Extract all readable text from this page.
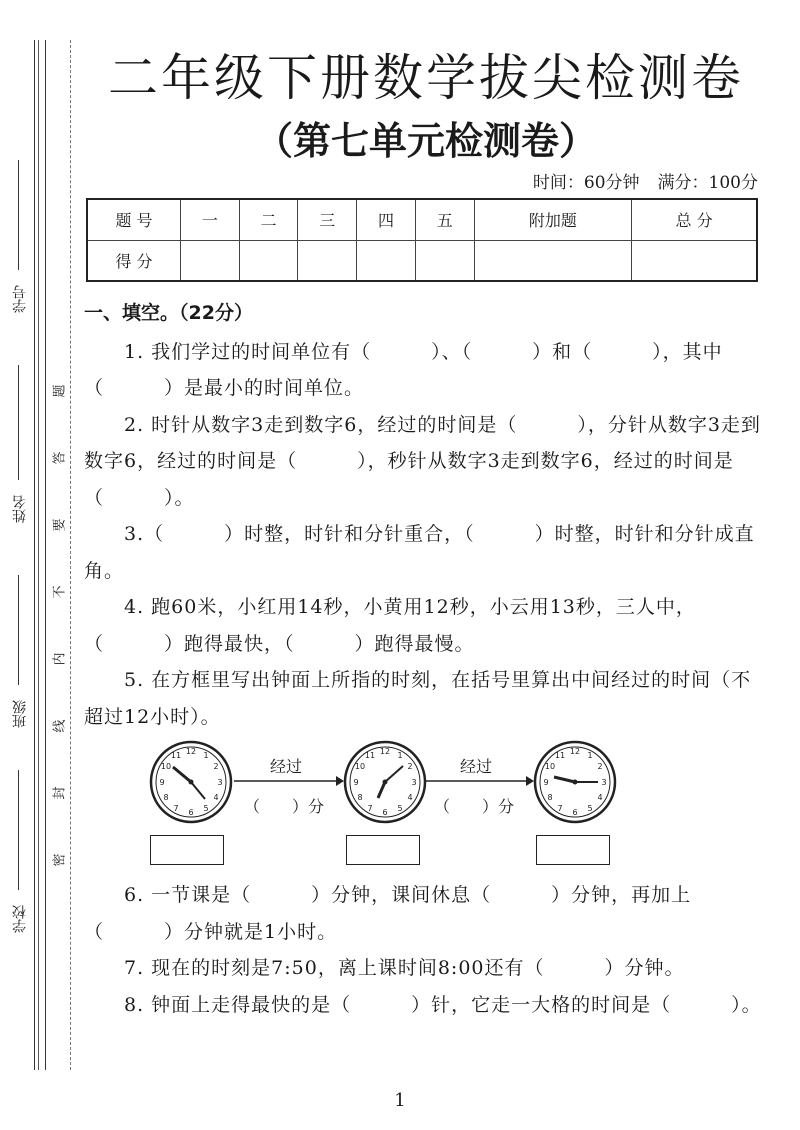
学号
姓名
班级
学校
题
答
要
不
内
线
封
密
二年级下册数学拔尖检测卷
（第七单元检测卷）
时间：60分钟 满分：100分
题 号	一	二	三	四	五	附加题	总 分
得 分							
一、填空。（22分）

1. 我们学过的时间单位有（　　　）、（　　　）和（　　　），其中（　　　）是最小的时间单位。

2. 时针从数字3走到数字6，经过的时间是（　　　），分针从数字3走到数字6，经过的时间是（　　　），秒针从数字3走到数字6，经过的时间是（　　　）。

3.（　　　）时整，时针和分针重合，（　　　）时整，时针和分针成直角。

4. 跑60米，小红用14秒，小黄用12秒，小云用13秒，三人中，（　　　）跑得最快，（　　　）跑得最慢。

5. 在方框里写出钟面上所指的时刻，在括号里算出中间经过的时间（不超过12小时）。

12 1
2
3
4
5
6
7
8
9
10
11
经过
（　　）分
12 1
2
3
4
5
6
7
8
9
10
11
经过
（　　）分
12 1
2
3
4
5
6
7
8
9
10
11

6. 一节课是（　　　）分钟，课间休息（　　　）分钟，再加上（　　　）分钟就是1小时。

7. 现在的时刻是7:50，离上课时间8:00还有（　　　）分钟。

8. 钟面上走得最快的是（　　　）针，它走一大格的时间是（　　　）。

1
